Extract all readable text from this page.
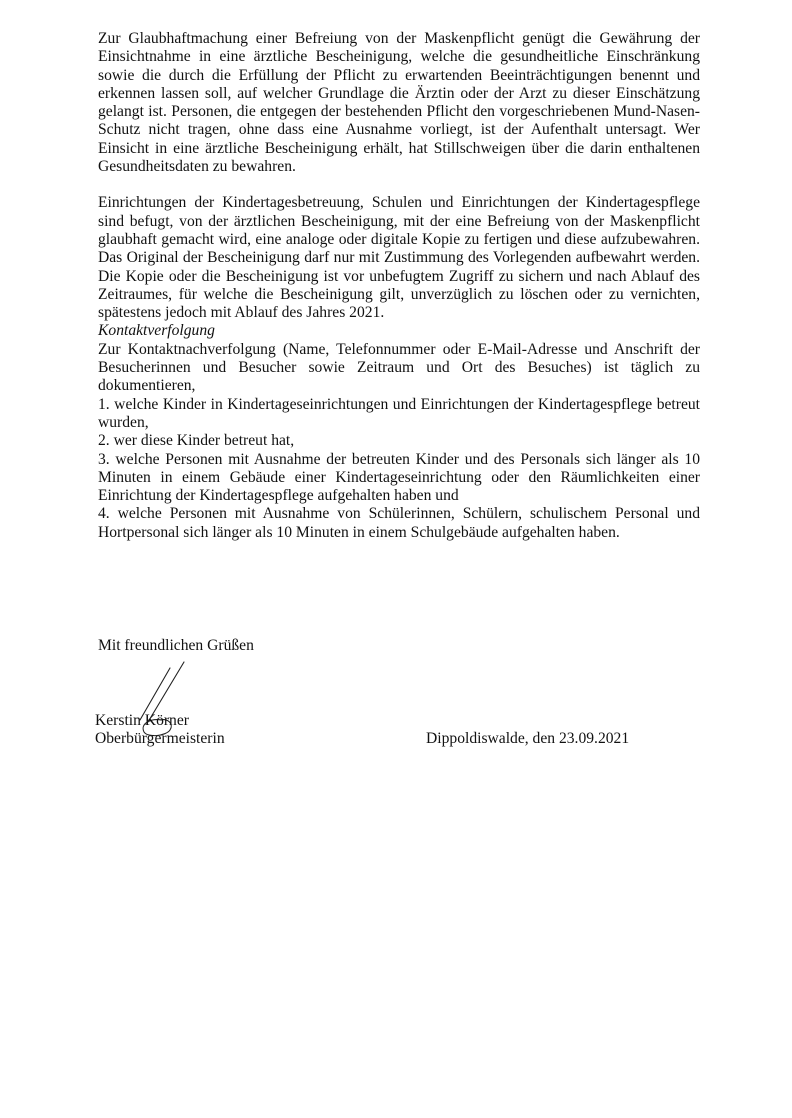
Zur Glaubhaftmachung einer Befreiung von der Maskenpflicht genügt die Gewährung der Einsichtnahme in eine ärztliche Bescheinigung, welche die gesundheitliche Einschränkung sowie die durch die Erfüllung der Pflicht zu erwartenden Beeinträchtigungen benennt und erkennen lassen soll, auf welcher Grundlage die Ärztin oder der Arzt zu dieser Einschätzung gelangt ist. Personen, die entgegen der bestehenden Pflicht den vorgeschriebenen Mund-Nasen-Schutz nicht tragen, ohne dass eine Ausnahme vorliegt, ist der Aufenthalt untersagt. Wer Einsicht in eine ärztliche Bescheinigung erhält, hat Stillschweigen über die darin enthaltenen Gesundheitsdaten zu bewahren.

Einrichtungen der Kindertagesbetreuung, Schulen und Einrichtungen der Kindertagespflege sind befugt, von der ärztlichen Bescheinigung, mit der eine Befreiung von der Maskenpflicht glaubhaft gemacht wird, eine analoge oder digitale Kopie zu fertigen und diese aufzubewahren. Das Original der Bescheinigung darf nur mit Zustimmung des Vorlegenden aufbewahrt werden. Die Kopie oder die Bescheinigung ist vor unbefugtem Zugriff zu sichern und nach Ablauf des Zeitraumes, für welche die Bescheinigung gilt, unverzüglich zu löschen oder zu vernichten, spätestens jedoch mit Ablauf des Jahres 2021.

Kontaktverfolgung

Zur Kontaktnachverfolgung (Name, Telefonnummer oder E-Mail-Adresse und Anschrift der Besucherinnen und Besucher sowie Zeitraum und Ort des Besuches) ist täglich zu dokumentieren,

1. welche Kinder in Kindertageseinrichtungen und Einrichtungen der Kindertagespflege betreut wurden,

2. wer diese Kinder betreut hat,

3. welche Personen mit Ausnahme der betreuten Kinder und des Personals sich länger als 10 Minuten in einem Gebäude einer Kindertageseinrichtung oder den Räumlichkeiten einer Einrichtung der Kindertagespflege aufgehalten haben und

4. welche Personen mit Ausnahme von Schülerinnen, Schülern, schulischem Personal und Hortpersonal sich länger als 10 Minuten in einem Schulgebäude aufgehalten haben.

Mit freundlichen Grüßen

Kerstin Körner

Oberbürgermeisterin	Dippoldiswalde, den 23.09.2021
